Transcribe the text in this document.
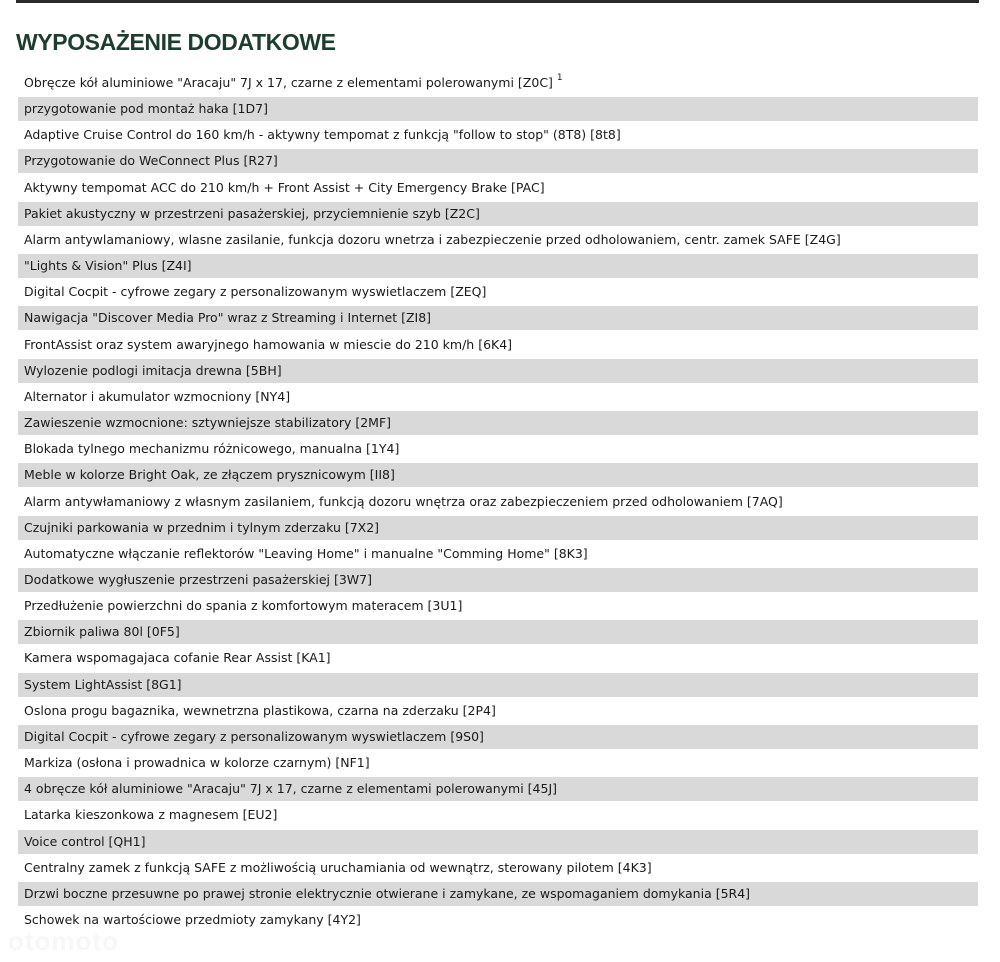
WYPOSAŻENIE DODATKOWE
Obręcze kół aluminiowe "Aracaju" 7J x 17, czarne z elementami polerowanymi [Z0C] $^1$
przygotowanie pod montaż haka [1D7]
Adaptive Cruise Control do 160 km/h - aktywny tempomat z funkcją "follow to stop" (8T8) [8t8]
Przygotowanie do WeConnect Plus [R27]
Aktywny tempomat ACC do 210 km/h + Front Assist + City Emergency Brake [PAC]
Pakiet akustyczny w przestrzeni pasażerskiej, przyciemnienie szyb [Z2C]
Alarm antywlamaniowy, wlasne zasilanie, funkcja dozoru wnetrza i zabezpieczenie przed odholowaniem, centr. zamek SAFE [Z4G]
"Lights & Vision" Plus [Z4I]
Digital Cocpit - cyfrowe zegary z personalizowanym wyswietlaczem [ZEQ]
Nawigacja "Discover Media Pro" wraz z Streaming i Internet [ZI8]
FrontAssist oraz system awaryjnego hamowania w miescie do 210 km/h [6K4]
Wylozenie podlogi imitacja drewna [5BH]
Alternator i akumulator wzmocniony [NY4]
Zawieszenie wzmocnione: sztywniejsze stabilizatory [2MF]
Blokada tylnego mechanizmu różnicowego, manualna [1Y4]
Meble w kolorze Bright Oak, ze złączem prysznicowym [II8]
Alarm antywłamaniowy z własnym zasilaniem, funkcją dozoru wnętrza oraz zabezpieczeniem przed odholowaniem [7AQ]
Czujniki parkowania w przednim i tylnym zderzaku [7X2]
Automatyczne włączanie reflektorów "Leaving Home" i manualne "Comming Home" [8K3]
Dodatkowe wygłuszenie przestrzeni pasażerskiej [3W7]
Przedłużenie powierzchni do spania z komfortowym materacem [3U1]
Zbiornik paliwa 80l [0F5]
Kamera wspomagajaca cofanie Rear Assist [KA1]
System LightAssist [8G1]
Oslona progu bagaznika, wewnetrzna plastikowa, czarna na zderzaku [2P4]
Digital Cocpit - cyfrowe zegary z personalizowanym wyswietlaczem [9S0]
Markiza (osłona i prowadnica w kolorze czarnym) [NF1]
4 obręcze kół aluminiowe "Aracaju" 7J x 17, czarne z elementami polerowanymi [45J]
Latarka kieszonkowa z magnesem [EU2]
Voice control [QH1]
Centralny zamek z funkcją SAFE z możliwością uruchamiania od wewnątrz, sterowany pilotem [4K3]
Drzwi boczne przesuwne po prawej stronie elektrycznie otwierane i zamykane, ze wspomaganiem domykania [5R4]
Schowek na wartościowe przedmioty zamykany [4Y2]
otomoto
